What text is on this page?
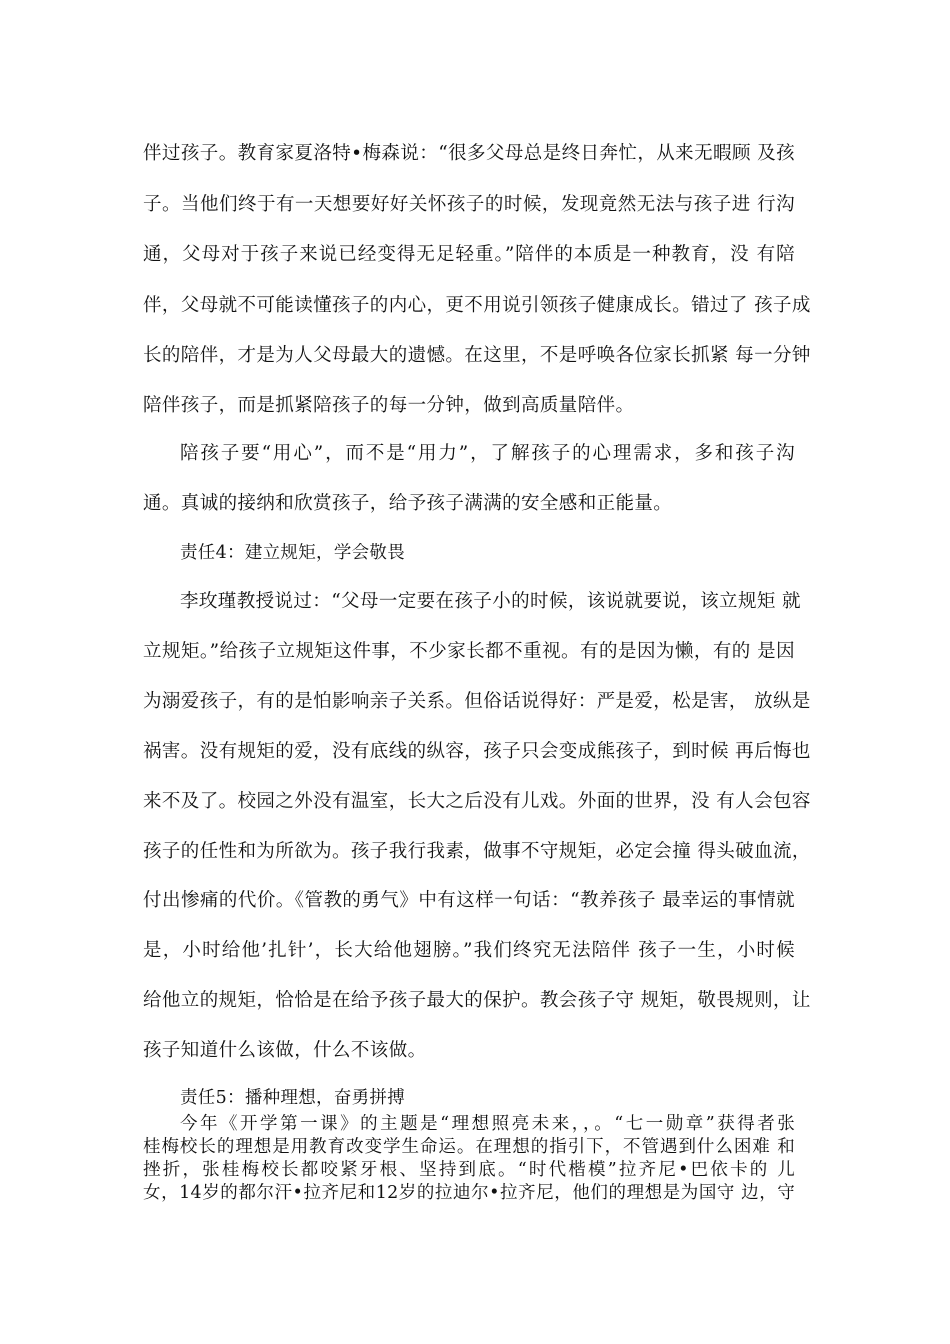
伴过孩子。教育家夏洛特•梅森说：“很多父母总是终日奔忙，从来无暇顾 及孩
子。当他们终于有一天想要好好关怀孩子的时候，发现竟然无法与孩子进 行沟
通，父母对于孩子来说已经变得无足轻重。”陪伴的本质是一种教育，没 有陪
伴，父母就不可能读懂孩子的内心，更不用说引领孩子健康成长。错过了 孩子成
长的陪伴，才是为人父母最大的遗憾。在这里，不是呼唤各位家长抓紧 每一分钟
陪伴孩子，而是抓紧陪孩子的每一分钟，做到高质量陪伴。
陪孩子要“用心”，而不是“用力”，了解孩子的心理需求，多和孩子沟
通。真诚的接纳和欣赏孩子，给予孩子满满的安全感和正能量。
责任4：建立规矩，学会敬畏
李玫瑾教授说过：“父母一定要在孩子小的时候，该说就要说，该立规矩 就
立规矩。”给孩子立规矩这件事，不少家长都不重视。有的是因为懒，有的 是因
为溺爱孩子，有的是怕影响亲子关系。但俗话说得好：严是爱，松是害， 放纵是
祸害。没有规矩的爱，没有底线的纵容，孩子只会变成熊孩子，到时候 再后悔也
来不及了。校园之外没有温室，长大之后没有儿戏。外面的世界，没 有人会包容
孩子的任性和为所欲为。孩子我行我素，做事不守规矩，必定会撞 得头破血流，
付出惨痛的代价。《管教的勇气》中有这样一句话：“教养孩子 最幸运的事情就
是，小时给他’扎针’，长大给他翅膀。”我们终究无法陪伴 孩子一生，小时候
给他立的规矩，恰恰是在给予孩子最大的保护。教会孩子守 规矩，敬畏规则，让
孩子知道什么该做，什么不该做。
责任5：播种理想，奋勇拼搏
今年《开学第一课》的主题是“理想照亮未来，，。“七一勋章”获得者张
桂梅校长的理想是用教育改变学生命运。在理想的指引下，不管遇到什么困难 和
挫折，张桂梅校长都咬紧牙根、坚持到底。“时代楷模”拉齐尼•巴依卡的 儿
女，14岁的都尔汗•拉齐尼和12岁的拉迪尔•拉齐尼，他们的理想是为国守 边，守
